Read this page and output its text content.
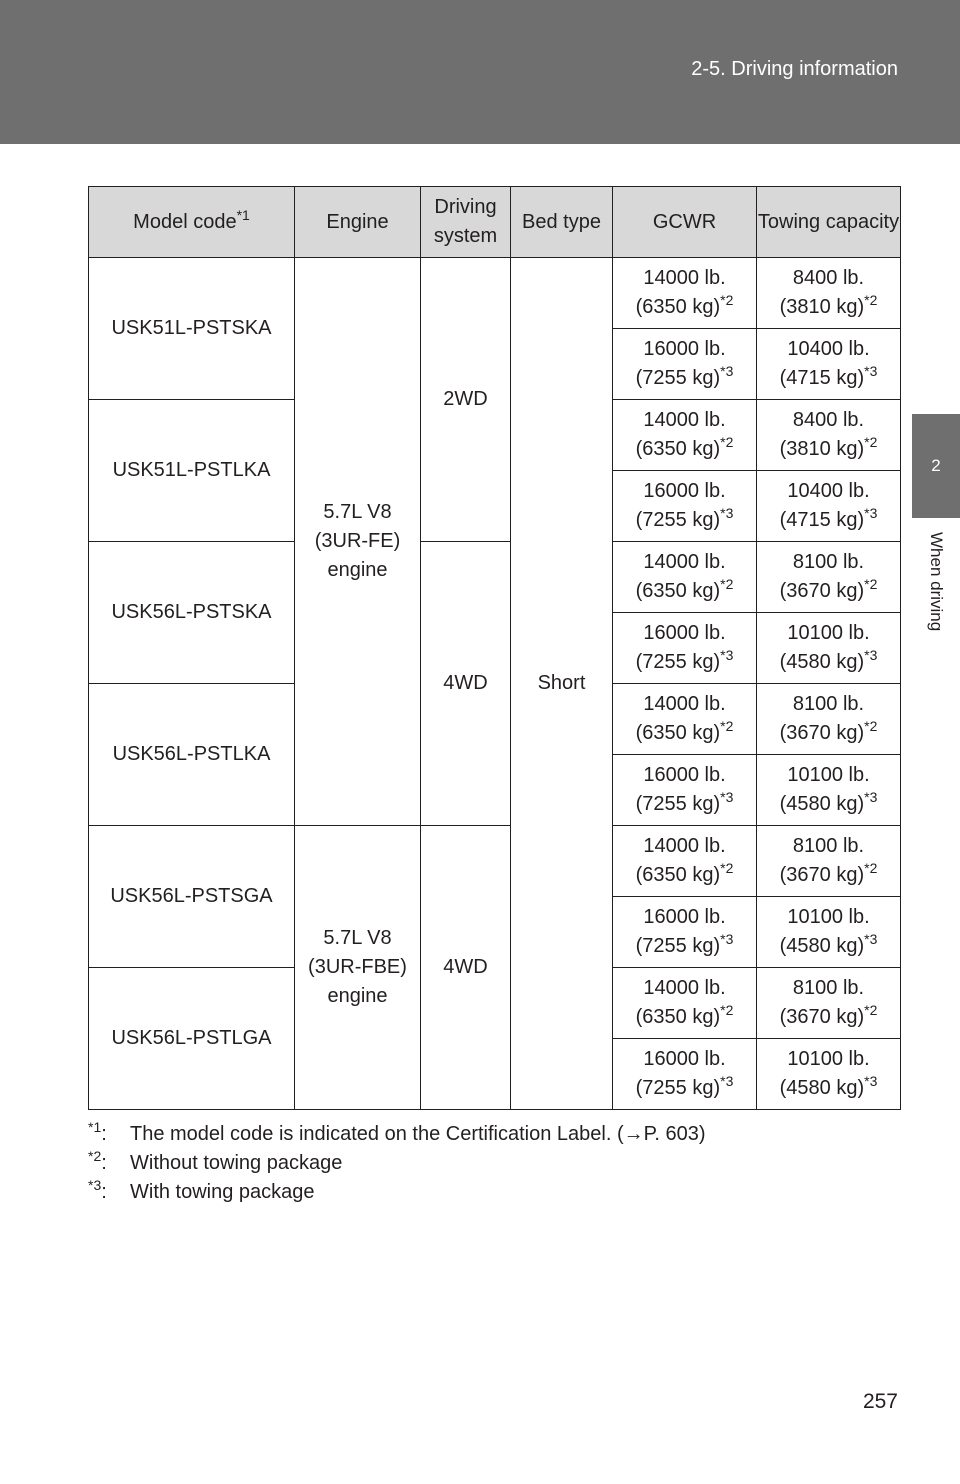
2-5. Driving information
2
When driving
Model code$^{*1}$	Engine	Driving system	Bed type	GCWR	Towing capacity
USK51L-PSTSKA	5.7L V8
(3UR-FE)
engine	2WD	Short	14000 lb.
(6350 kg)$^{*2}$	8400 lb.
(3810 kg)$^{*2}$
				16000 lb.
(7255 kg)$^{*3}$	10400 lb.
(4715 kg)$^{*3}$
USK51L-PSTLKA				14000 lb.
(6350 kg)$^{*2}$	8400 lb.
(3810 kg)$^{*2}$
				16000 lb.
(7255 kg)$^{*3}$	10400 lb.
(4715 kg)$^{*3}$
USK56L-PSTSKA		4WD		14000 lb.
(6350 kg)$^{*2}$	8100 lb.
(3670 kg)$^{*2}$
				16000 lb.
(7255 kg)$^{*3}$	10100 lb.
(4580 kg)$^{*3}$
USK56L-PSTLKA				14000 lb.
(6350 kg)$^{*2}$	8100 lb.
(3670 kg)$^{*2}$
				16000 lb.
(7255 kg)$^{*3}$	10100 lb.
(4580 kg)$^{*3}$
USK56L-PSTSGA	5.7L V8
(3UR-FBE)
engine	4WD		14000 lb.
(6350 kg)$^{*2}$	8100 lb.
(3670 kg)$^{*2}$
				16000 lb.
(7255 kg)$^{*3}$	10100 lb.
(4580 kg)$^{*3}$
USK56L-PSTLGA				14000 lb.
(6350 kg)$^{*2}$	8100 lb.
(3670 kg)$^{*2}$
				16000 lb.
(7255 kg)$^{*3}$	10100 lb.
(4580 kg)$^{*3}$
$^{*1}$:	The model code is indicated on the Certification Label. (→P. 603)
$^{*2}$:	Without towing package
$^{*3}$:	With towing package
257
